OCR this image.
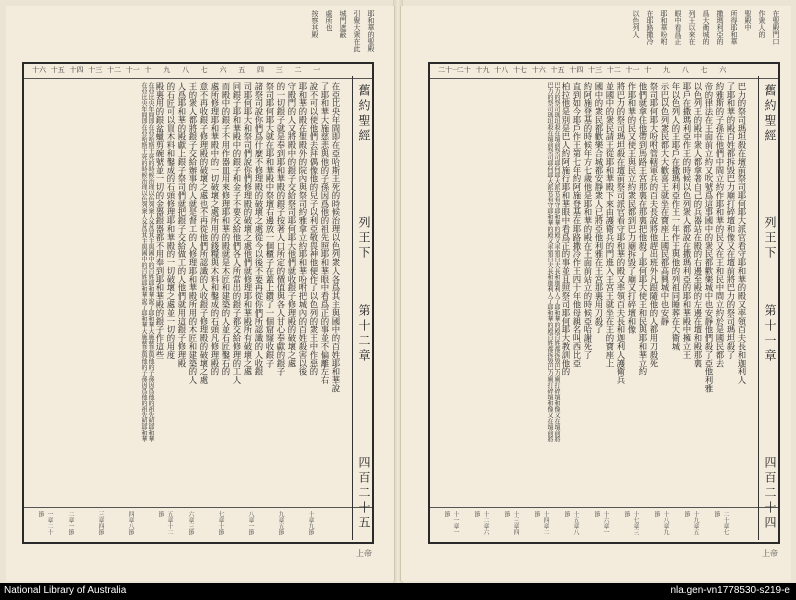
耶和華的聖殿
引聚大衆在此
城門遮蔽
處所也
按察其殿
十六 十五 十四 十三 十二 十一 十 九 八 七 六 五 四 三 二 一
在亞比央年間即在亞哈斯王死的時候治理以色列衆人各爲其主與國中的百姓耶和華說
了耶和華大施慈悲與他的子孫因爲他的祖先照耶和華眼中看爲正的事並不偏離左右
說不可以使他們去拜偶像他的兒子以利亞敬畏神他便作了以色列的衆王中作惡的
耶和華的殿在聖殿外的院內與祭司約雅拿立約耶和華吩咐把城內的百姓殺害以後
守殿門的人又將殿中的銀子交給祭司耶何耶大他們就收銀子修理殿的破壞之處
的一切銀子就是奉到耶和華殿的銀子按著人口所定的價值與各人甘心奉獻的銀子
祭司耶何耶大就在耶和華殿中祭壇右邊放一個櫃子在蓋上鑽了一個窟窿收銀子
諸祭司說你們爲什麼不修理殿的破壞之處從今以後不要再從你們所認識的人收銀
司耶何耶大和祭司們說你們修理殿的破壞之處他們就修理耶和華殿所有破壞之處
同銀子耶和華殿中的銀子和金子不要交給他們各人所當出的銀子都交給修理的工人
而殿中的銀子不用作器皿用來修理耶和華的殿就是木匠和建築的人並石匠鑿石的
處所修理耶和華殿中的一切破壞之處所用的錢糧與木料和鑿成的石頭凡修理殿的
意不再收銀子修理殿的破壞之處也不再從他們所認識的人收銀子修理殿的破壞之處
王的衆人都將銀子交給辦事的人就是督工的人修理耶和華殿所用的木匠和建築的人
人爲耶和華的殿獻上銀子祭司們就把銀子交給做工的人他們就用這銀子修理殿
的石匠可以買木料和鑿成的石頭修理耶和華殿的一切破壞之處並一切的用度
殿裏用的銀盆蠟剪碗號並一切的金器銀器都不用奉到耶和華殿的銀子作這些
在亞比央年間即在亞哈斯王死的時候治理以色列衆人各爲其主與國中的百姓耶和華說了耶和華大施慈悲與他的子孫因爲他的祖先照耶和華
在亞比央年間即在亞哈斯王死的時候治理以色列衆人各爲其主與國中的百姓耶和華說了耶和華大施慈悲與他的子孫因爲他的祖先照耶和華
一章二十節	二章一節	三章四節	四章八節	五章十二節	六章三節	七章十節	八章一節	九章五節	十章九節
舊約聖經
列王下
第十二章
四百二十五
上帝
在聖殿門口
作衆人的
聖殿中
所得耶和華
撒瑪利亞的
爲大衛城的
列王以來在
眼中看爲正
耶和華吩咐
在耶路撒冷
以色列人
二十一
二十 十九 十八 十七 十六 十五 十四 十三 十二 十一 十 九 八 七 六
巴力的祭司瑪坦殺在壇前祭司耶何耶大派官看守耶和華的殿又率領百夫長和迦利人
了耶和華的殿百姓都拆毀巴力廟打碎壇和像又在壇前將巴力的祭司瑪坦殺了
約雅斯的子孫在他們中間立約作耶和華的民又在王和民中間立約於是國民都去
帝的律法在王面前立約又吹號爲這事國中的衆民都歡樂城中也安靜他們殺了亞他利雅
以色列王的殿中衆人都拿著自己的兵器站在殿的右邊至殿的左邊在壇和殿那裏
耶戶在撒瑪利亞作王的時候以色列衆人都說在撒瑪利亞的耶和華殿中擁立王
年以色列人的王耶戶在撒瑪利亞作王一年作王與他的列祖同睡葬在大衛城
示巴以色列衆民都大大歡喜王就坐在寶座上國民都高興城中也安靜
祭司耶何耶大吩咐管轄軍兵的百夫長說將他趕出班外凡跟隨他的人都用刀殺死
他們就拿住他帶到馬路王宮那裏在那裏把他殺了耶何耶大使王和民與耶和華立約
作耶和華的民又使王與民立約衆民都到巴力廟拆毀了廟又打碎壇和像
將巴力的祭司瑪坦殺在壇前祭司派官看守耶和華的殿又率領百夫長和迦利人護衛兵
並國中的衆民請王從耶和華殿下來由護衛兵的門進入王宮王就坐在王的寶座上
國中的衆民都歡樂合城都安靜衆人已將亞他利雅在王宮那裏用刀殺了
約阿施登基的時候年方七歲他是耶和華的殿在王面前站立的時候亞哈謝死了
直到如今耶戶作王第七年約阿施登基在耶路撒冷作王四十年他母親名叫西比亞
柏拉他是別是巴人約阿施行耶和華眼中看爲正的事並且照祭司耶何耶大教訓他的
巴力的祭司瑪坦殺在壇前祭司耶何耶大派官看守耶和華的殿又率領百夫長和迦利人了耶和華的殿百姓都拆毀巴力廟打碎壇和像又在壇前將
巴力的祭司瑪坦殺在壇前祭司耶何耶大派官看守耶和華的殿又率領百夫長和迦利人了耶和華的殿百姓都拆毀巴力廟打碎壇和像又在壇前將
十一章一節	十二章六節	十三章四節	十四章二節	十五章八節	十六章一節	十七章三節	十八章九節	十九章五節	二十章七節
舊約聖經
列王下
第十一章
四百二十四
上帝
National Library of Australia	nla.gen-vn1778530-s219-e
